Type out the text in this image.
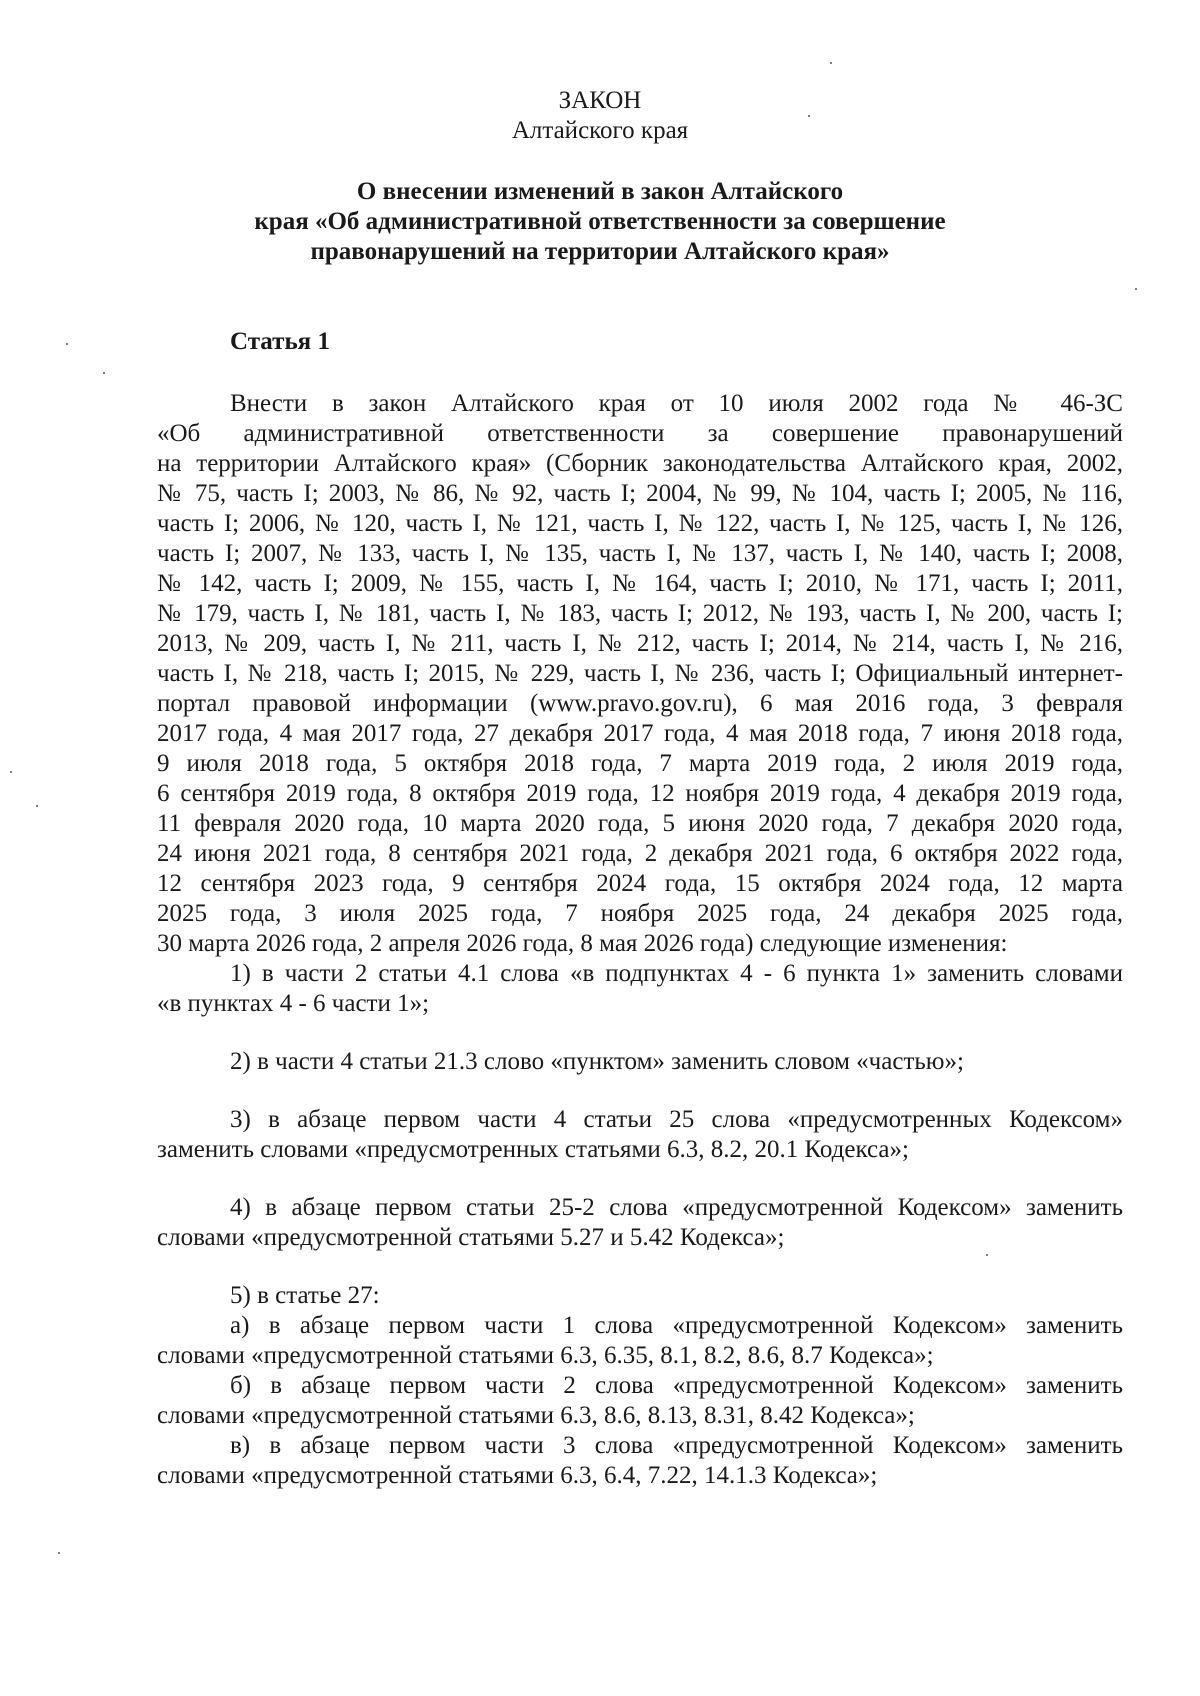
ЗАКОН

Алтайского края

О внесении изменений в закон Алтайского

края «Об административной ответственности за совершение

правонарушений на территории Алтайского края»

Статья 1

Внести в закон Алтайского края от 10 июля 2002 года № 46-ЗС

«Об административной ответственности за совершение правонарушений

на территории Алтайского края» (Сборник законодательства Алтайского края, 2002,

№ 75, часть I; 2003, № 86, № 92, часть I; 2004, № 99, № 104, часть I; 2005, № 116,

часть I; 2006, № 120, часть I, № 121, часть I, № 122, часть I, № 125, часть I, № 126,

часть I; 2007, № 133, часть I, № 135, часть I, № 137, часть I, № 140, часть I; 2008,

№ 142, часть I; 2009, № 155, часть I, № 164, часть I; 2010, № 171, часть I; 2011,

№ 179, часть I, № 181, часть I, № 183, часть I; 2012, № 193, часть I, № 200, часть I;

2013, № 209, часть I, № 211, часть I, № 212, часть I; 2014, № 214, часть I, № 216,

часть I, № 218, часть I; 2015, № 229, часть I, № 236, часть I; Официальный интернет-

портал правовой информации (www.pravo.gov.ru), 6 мая 2016 года, 3 февраля

2017 года, 4 мая 2017 года, 27 декабря 2017 года, 4 мая 2018 года, 7 июня 2018 года,

9 июля 2018 года, 5 октября 2018 года, 7 марта 2019 года, 2 июля 2019 года,

6 сентября 2019 года, 8 октября 2019 года, 12 ноября 2019 года, 4 декабря 2019 года,

11 февраля 2020 года, 10 марта 2020 года, 5 июня 2020 года, 7 декабря 2020 года,

24 июня 2021 года, 8 сентября 2021 года, 2 декабря 2021 года, 6 октября 2022 года,

12 сентября 2023 года, 9 сентября 2024 года, 15 октября 2024 года, 12 марта

2025 года, 3 июля 2025 года, 7 ноября 2025 года, 24 декабря 2025 года,

30 марта 2026 года, 2 апреля 2026 года, 8 мая 2026 года) следующие изменения:

1) в части 2 статьи 4.1 слова «в подпунктах 4 - 6 пункта 1» заменить словами

«в пунктах 4 - 6 части 1»;

2) в части 4 статьи 21.3 слово «пунктом» заменить словом «частью»;

3) в абзаце первом части 4 статьи 25 слова «предусмотренных Кодексом»

заменить словами «предусмотренных статьями 6.3, 8.2, 20.1 Кодекса»;

4) в абзаце первом статьи 25-2 слова «предусмотренной Кодексом» заменить

словами «предусмотренной статьями 5.27 и 5.42 Кодекса»;

5) в статье 27:

а) в абзаце первом части 1 слова «предусмотренной Кодексом» заменить

словами «предусмотренной статьями 6.3, 6.35, 8.1, 8.2, 8.6, 8.7 Кодекса»;

б) в абзаце первом части 2 слова «предусмотренной Кодексом» заменить

словами «предусмотренной статьями 6.3, 8.6, 8.13, 8.31, 8.42 Кодекса»;

в) в абзаце первом части 3 слова «предусмотренной Кодексом» заменить

словами «предусмотренной статьями 6.3, 6.4, 7.22, 14.1.3 Кодекса»;
